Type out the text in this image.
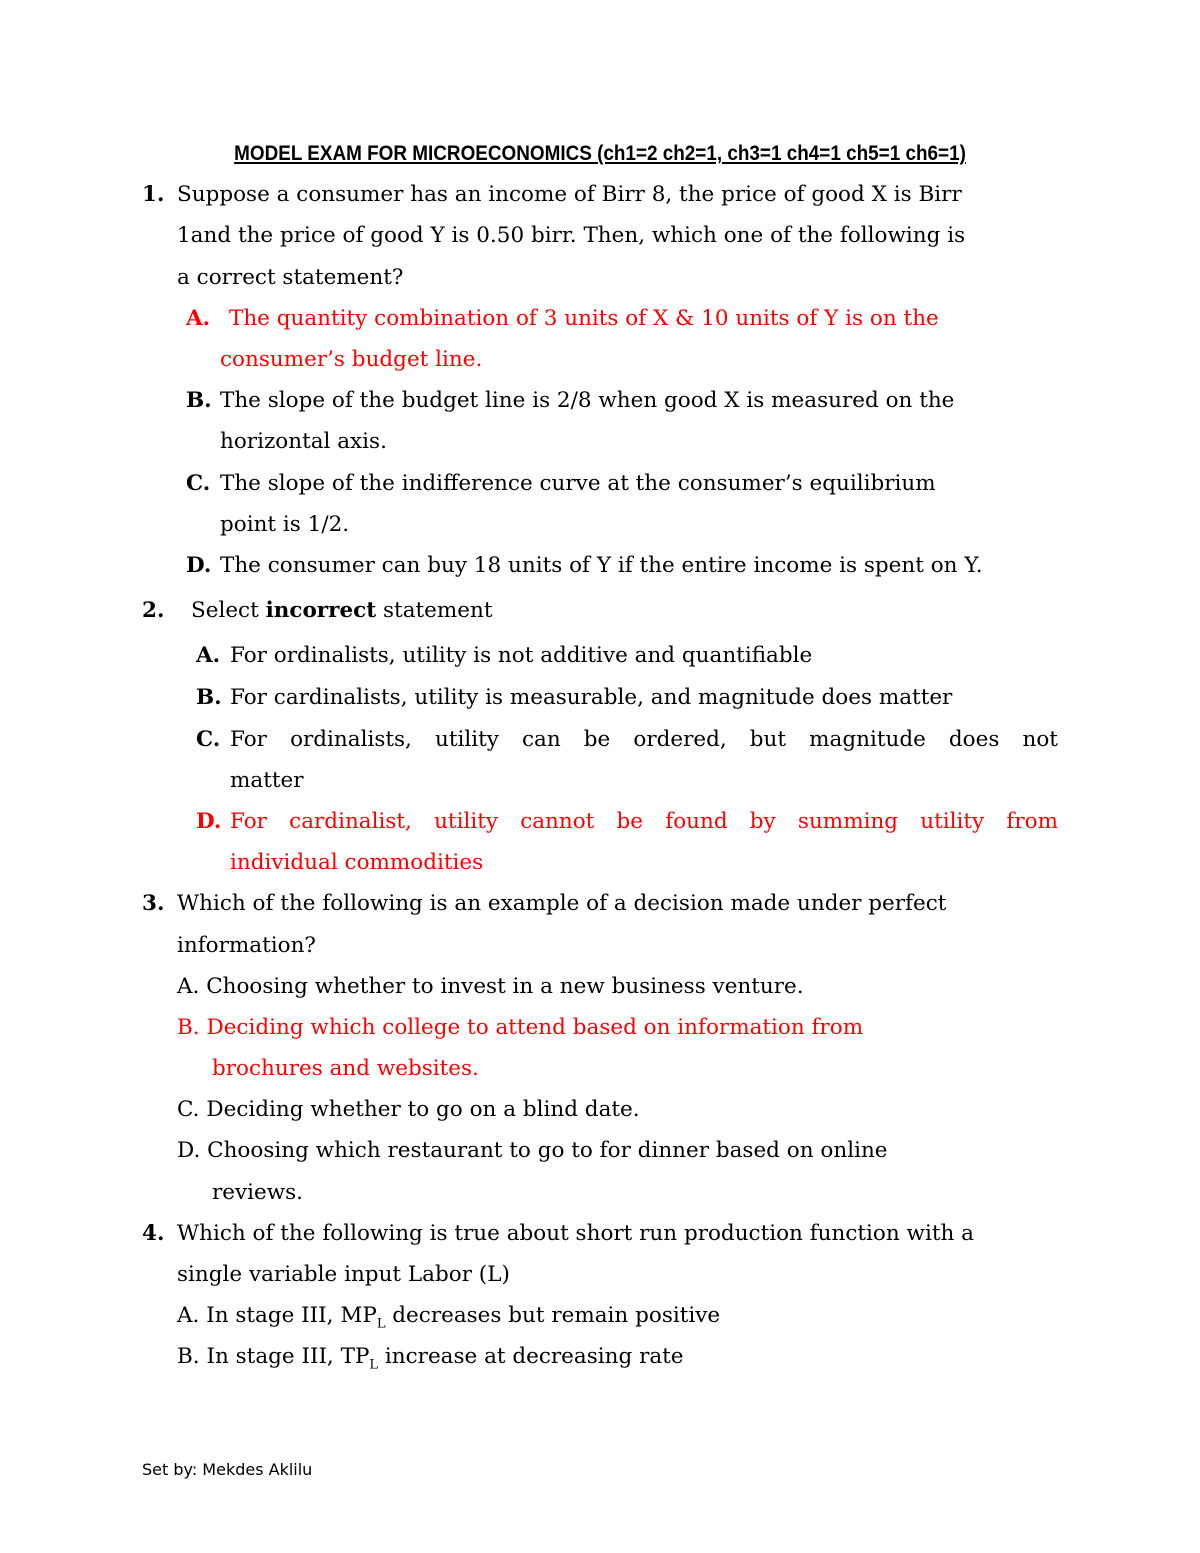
MODEL EXAM FOR MICROECONOMICS (ch1=2 ch2=1, ch3=1 ch4=1 ch5=1 ch6=1)
1. Suppose a consumer has an income of Birr 8, the price of good X is Birr
1and the price of good Y is 0.50 birr. Then, which one of the following is
a correct statement?
A. The quantity combination of 3 units of X & 10 units of Y is on the
consumer’s budget line.
B. The slope of the budget line is 2/8 when good X is measured on the
horizontal axis.
C. The slope of the indifference curve at the consumer’s equilibrium
point is 1/2.
D. The consumer can buy 18 units of Y if the entire income is spent on Y.
2. Select incorrect statement
A. For ordinalists, utility is not additive and quantifiable
B. For cardinalists, utility is measurable, and magnitude does matter
C. For ordinalists, utility can be ordered, but magnitude does not
matter
D. For cardinalist, utility cannot be found by summing utility from
individual commodities
3. Which of the following is an example of a decision made under perfect
information?
A. Choosing whether to invest in a new business venture.
B. Deciding which college to attend based on information from
brochures and websites.
C. Deciding whether to go on a blind date.
D. Choosing which restaurant to go to for dinner based on online
reviews.
4. Which of the following is true about short run production function with a
single variable input Labor (L)
A. In stage III, $MP_L$ decreases but remain positive
B. In stage III, $TP_L$ increase at decreasing rate
Set by: Mekdes Aklilu
